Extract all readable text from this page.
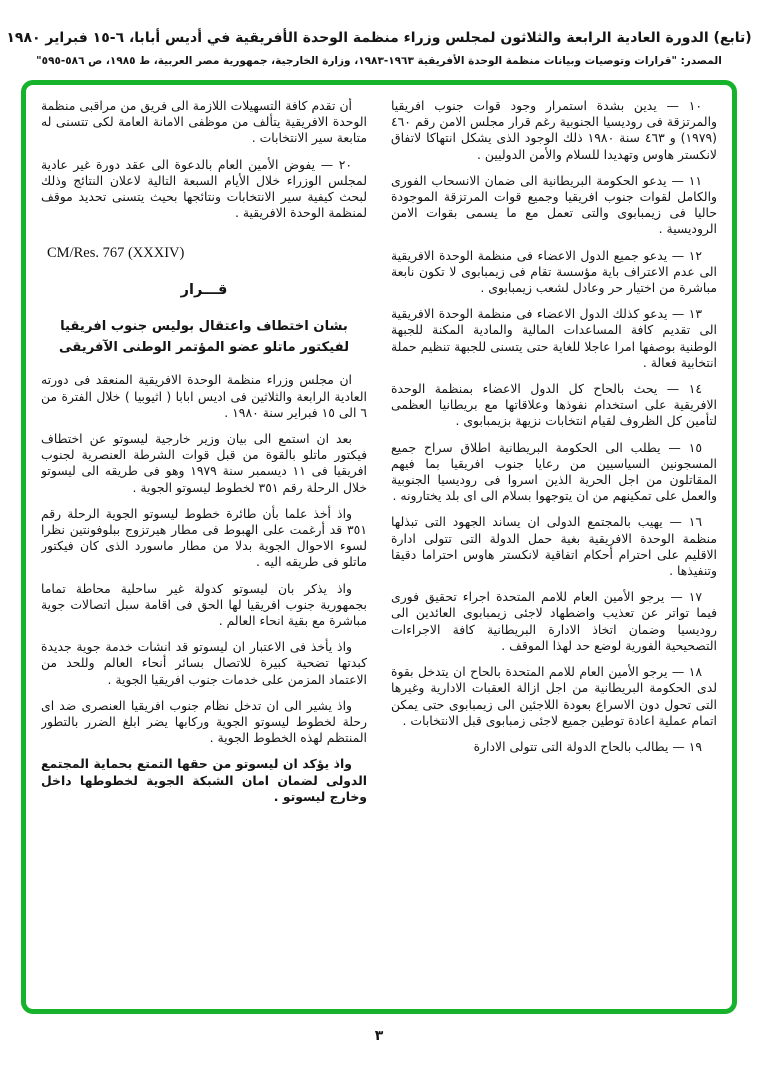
(تابع) الدورة العادية الرابعة والثلاثون لمجلس وزراء منظمة الوحدة الأفريقية في أديس أبابا، ٦-١٥ فبراير ١٩٨٠
المصدر: "قرارات وتوصيات وبيانات منظمة الوحدة الأفريقية ١٩٦٣-١٩٨٣، وزارة الخارجية، جمهورية مصر العربية، ط ١٩٨٥، ص ٥٨٦-٥٩٥"

١٠ — يدين بشدة استمرار وجود قوات جنوب افريقيا والمرتزقة فى روديسيا الجنوبية رغم قرار مجلس الامن رقم ٤٦٠ (١٩٧٩) و ٤٦٣ سنة ١٩٨٠ ذلك الوجود الذى يشكل انتهاكا لاتفاق لانكستر هاوس وتهديدا للسلام والأمن الدوليين .

١١ — يدعو الحكومة البريطانية الى ضمان الانسحاب الفورى والكامل لقوات جنوب افريقيا وجميع قوات المرتزقة الموجودة حاليا فى زيمبابوى والتى تعمل مع ما يسمى بقوات الامن الروديسية .

١٢ — يدعو جميع الدول الاعضاء فى منظمة الوحدة الافريقية الى عدم الاعتراف باية مؤسسة تقام فى زيمبابوى لا تكون نابعة مباشرة من اختيار حر وعادل لشعب زيمبابوى .

١٣ — يدعو كذلك الدول الاعضاء فى منظمة الوحدة الافريقية الى تقديم كافة المساعدات المالية والمادية المكنة للجبهة الوطنية بوصفها امرا عاجلا للغاية حتى يتسنى للجبهة تنظيم حملة انتخابية فعالة .

١٤ — يحث بالحاح كل الدول الاعضاء بمنظمة الوحدة الافريقية على استخدام نفوذها وعلاقاتها مع بريطانيا العظمى لتأمين كل الظروف لقيام انتخابات نزيهة بزيمبابوى .

١٥ — يطلب الى الحكومة البريطانية اطلاق سراح جميع المسجونين السياسيين من رعايا جنوب افريقيا بما فيهم المقاتلون من اجل الحرية الذين اسروا فى روديسيا الجنوبية والعمل على تمكينهم من ان يتوجهوا بسلام الى اى بلد يختارونه .

١٦ — يهيب بالمجتمع الدولى ان يساند الجهود التى تبذلها منظمة الوحدة الافريقية بغية حمل الدولة التى تتولى ادارة الاقليم على احترام أحكام اتفاقية لانكستر هاوس احتراما دقيقا وتنفيذها .

١٧ — يرجو الأمين العام للامم المتحدة اجراء تحقيق فورى فيما تواتر عن تعذيب واضطهاد لاجئى زيمبابوى العائدين الى روديسيا وضمان اتخاذ الادارة البريطانية كافة الاجراءات التصحيحية الفورية لوضع حد لهذا الموقف .

١٨ — يرجو الأمين العام للامم المتحدة بالحاح ان يتدخل بقوة لدى الحكومة البريطانية من اجل ازالة العقبات الادارية وغيرها التى تحول دون الاسراع بعودة اللاجئين الى زيمبابوى حتى يمكن اتمام عملية اعادة توطين جميع لاجئى زمبابوى قبل الانتخابات .

١٩ — يطالب بالحاح الدولة التى تتولى الادارة

أن تقدم كافة التسهيلات اللازمة الى فريق من مراقبى منظمة الوحدة الافريقية يتألف من موظفى الامانة العامة لكى تتسنى له متابعة سير الانتخابات .

٢٠ — يفوض الأمين العام بالدعوة الى عقد دورة غير عادية لمجلس الوزراء خلال الأيام السبعة التالية لاعلان النتائج وذلك لبحث كيفية سير الانتخابات ونتائجها بحيث يتسنى تحديد موقف لمنظمة الوحدة الافريقية .

CM/Res. 767 (XXXIV)
قـــرار
بشان اختطاف واعتقال بوليس جنوب افريقيا
لفيكتور ماتلو عضو المؤتمر الوطنى الآفريقى

ان مجلس وزراء منظمة الوحدة الافريقية المنعقد فى دورته العادية الرابعة والثلاثين فى اديس ابابا ( اثيوبيا ) خلال الفترة من ٦ الى ١٥ فبراير سنة ١٩٨٠ .

بعد ان استمع الى بيان وزير خارجية ليسوتو عن اختطاف فيكتور ماتلو بالقوة من قبل قوات الشرطة العنصرية لجنوب افريقيا فى ١١ ديسمبر سنة ١٩٧٩ وهو فى طريقه الى ليسوتو خلال الرحلة رقم ٣٥١ لخطوط ليسوتو الجوية .

واذ أخذ علما بأن طائرة خطوط ليسوتو الجوية الرحلة رقم ٣٥١ قد أرغمت على الهبوط فى مطار هيرتزوج ببلوفونتين نظرا لسوء الاحوال الجوية بدلا من مطار ماسورد الذى كان فيكتور ماتلو فى طريقه اليه .

واذ يذكر بان ليسوتو كدولة غير ساحلية محاطة تماما بجمهورية جنوب افريقيا لها الحق فى اقامة سبل اتصالات جوية مباشرة مع بقية انحاء العالم .

واذ يأخذ فى الاعتبار ان ليسوتو قد انشات خدمة جوية جديدة كبدتها تضحية كبيرة للاتصال بسائر أنحاء العالم وللحد من الاعتماد المزمن على خدمات جنوب افريقيا الجوية .

واذ يشير الى ان تدخل نظام جنوب افريقيا العنصرى ضد اى رحلة لخطوط ليسوتو الجوية وركابها يضر ابلغ الضرر بالتطور المنتظم لهذه الخطوط الجوية .

واذ يؤكد ان ليسوتو من حقها التمتع بحماية المجتمع الدولى لضمان امان الشبكة الجوية لخطوطها داخل وخارج ليسوتو .

٣
